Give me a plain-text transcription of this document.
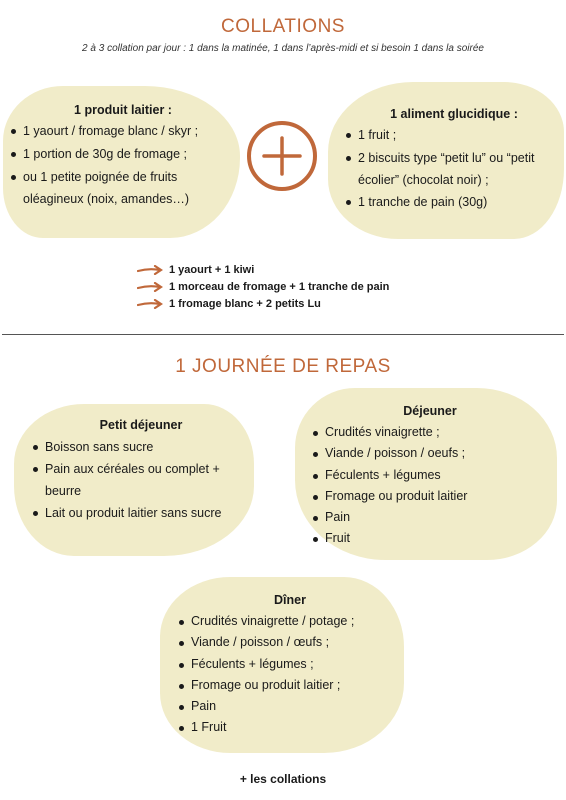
COLLATIONS
2 à 3 collation par jour : 1 dans la matinée, 1 dans l’après-midi et si besoin 1 dans la soirée
1 produit laitier :
1 yaourt / fromage blanc / skyr ;
1 portion de 30g de fromage ;
ou 1 petite poignée de fruits oléagineux (noix, amandes…)
1 aliment glucidique :
1 fruit ;
2 biscuits type “petit lu” ou “petit écolier” (chocolat noir) ;
1 tranche de pain (30g)
1 yaourt + 1 kiwi
1 morceau de fromage + 1 tranche de pain
1 fromage blanc + 2 petits Lu
1 JOURNÉE DE REPAS
Petit déjeuner
Boisson sans sucre
Pain aux céréales ou complet + beurre
Lait ou produit laitier sans sucre
Déjeuner
Crudités vinaigrette ;
Viande / poisson / oeufs ;
Féculents + légumes
Fromage ou produit laitier
Pain
Fruit
Dîner
Crudités vinaigrette / potage ;
Viande / poisson / œufs ;
Féculents + légumes ;
Fromage ou produit laitier ;
Pain
1 Fruit
+ les collations
